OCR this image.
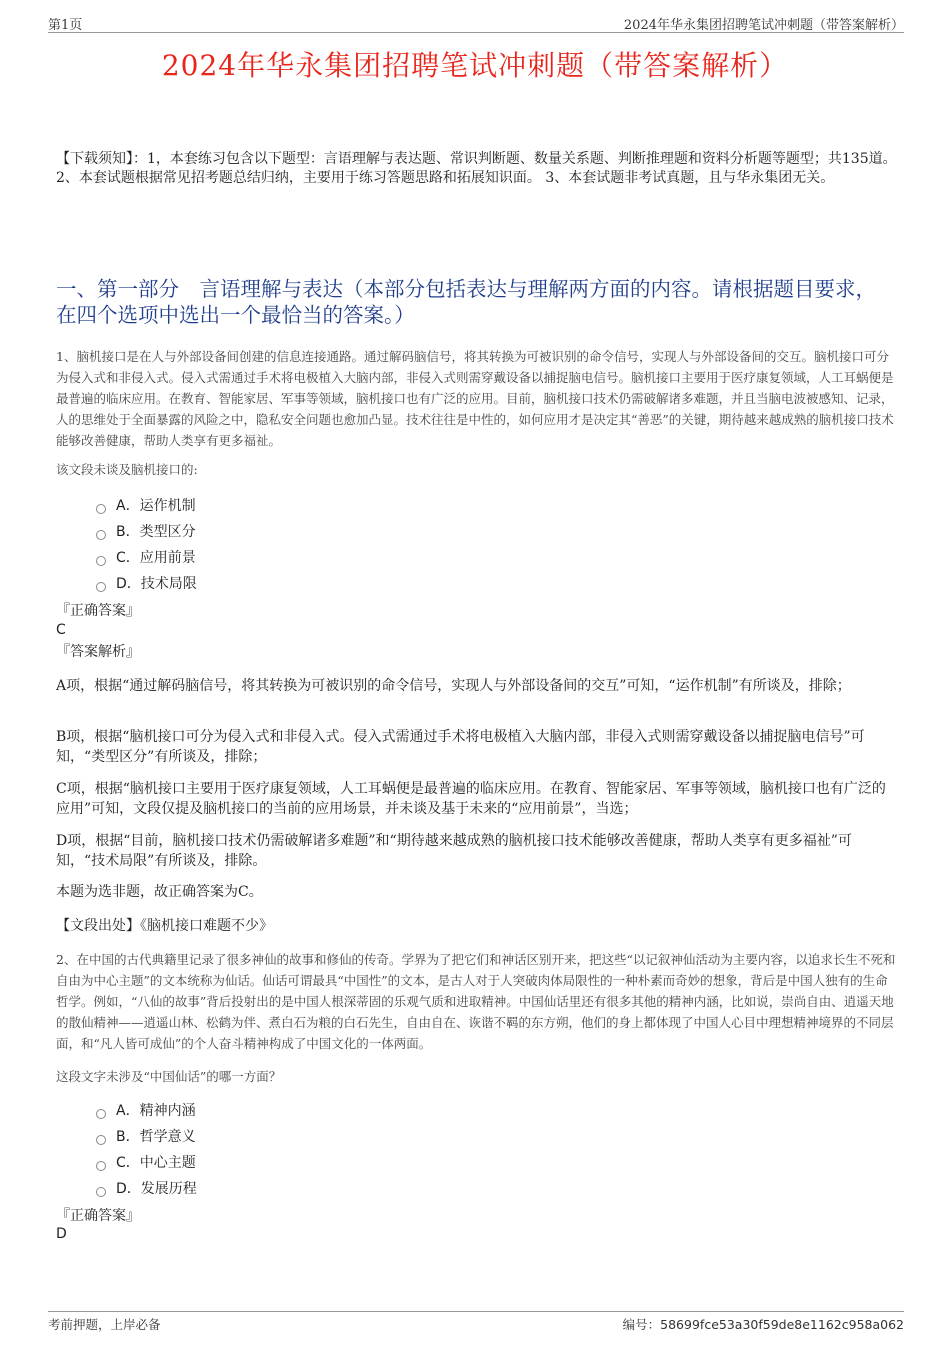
第1页	2024年华永集团招聘笔试冲刺题（带答案解析）
2024年华永集团招聘笔试冲刺题（带答案解析）
【下载须知】：1，本套练习包含以下题型：言语理解与表达题、常识判断题、数量关系题、判断推理题和资料分析题等题型；共135道。 2、本套试题根据常见招考题总结归纳，主要用于练习答题思路和拓展知识面。 3、本套试题非考试真题，且与华永集团无关。
一、第一部分　言语理解与表达（本部分包括表达与理解两方面的内容。请根据题目要求，在四个选项中选出一个最恰当的答案。）
1、脑机接口是在人与外部设备间创建的信息连接通路。通过解码脑信号，将其转换为可被识别的命令信号，实现人与外部设备间的交互。脑机接口可分为侵入式和非侵入式。侵入式需通过手术将电极植入大脑内部，非侵入式则需穿戴设备以捕捉脑电信号。脑机接口主要用于医疗康复领域，人工耳蜗便是最普遍的临床应用。在教育、智能家居、军事等领域，脑机接口也有广泛的应用。目前，脑机接口技术仍需破解诸多难题，并且当脑电波被感知、记录，人的思维处于全面暴露的风险之中，隐私安全问题也愈加凸显。技术往往是中性的，如何应用才是决定其“善恶”的关键，期待越来越成熟的脑机接口技术能够改善健康，帮助人类享有更多福祉。
该文段未谈及脑机接口的:
A． 运作机制
B． 类型区分
C． 应用前景
D． 技术局限
『正确答案』
C
『答案解析』
A项，根据“通过解码脑信号，将其转换为可被识别的命令信号，实现人与外部设备间的交互”可知，“运作机制”有所谈及，排除；
B项，根据“脑机接口可分为侵入式和非侵入式。侵入式需通过手术将电极植入大脑内部，非侵入式则需穿戴设备以捕捉脑电信号”可知，“类型区分”有所谈及，排除；
C项，根据“脑机接口主要用于医疗康复领域，人工耳蜗便是最普遍的临床应用。在教育、智能家居、军事等领域，脑机接口也有广泛的应用”可知，文段仅提及脑机接口的当前的应用场景，并未谈及基于未来的“应用前景”，当选；
D项，根据“目前，脑机接口技术仍需破解诸多难题”和“期待越来越成熟的脑机接口技术能够改善健康，帮助人类享有更多福祉”可知，“技术局限”有所谈及，排除。
本题为选非题，故正确答案为C。
【文段出处】《脑机接口难题不少》
2、在中国的古代典籍里记录了很多神仙的故事和修仙的传奇。学界为了把它们和神话区别开来，把这些“以记叙神仙活动为主要内容，以追求长生不死和自由为中心主题”的文本统称为仙话。仙话可谓最具“中国性”的文本，是古人对于人突破肉体局限性的一种朴素而奇妙的想象，背后是中国人独有的生命哲学。例如，“八仙的故事”背后投射出的是中国人根深蒂固的乐观气质和进取精神。中国仙话里还有很多其他的精神内涵，比如说，崇尚自由、逍遥天地的散仙精神——逍遥山林、松鹤为伴、煮白石为粮的白石先生，自由自在、诙谐不羁的东方朔，他们的身上都体现了中国人心目中理想精神境界的不同层面，和“凡人皆可成仙”的个人奋斗精神构成了中国文化的一体两面。
这段文字未涉及“中国仙话”的哪一方面？
A． 精神内涵
B． 哲学意义
C． 中心主题
D． 发展历程
『正确答案』
D
考前押题，上岸必备	编号：58699fce53a30f59de8e1162c958a062
